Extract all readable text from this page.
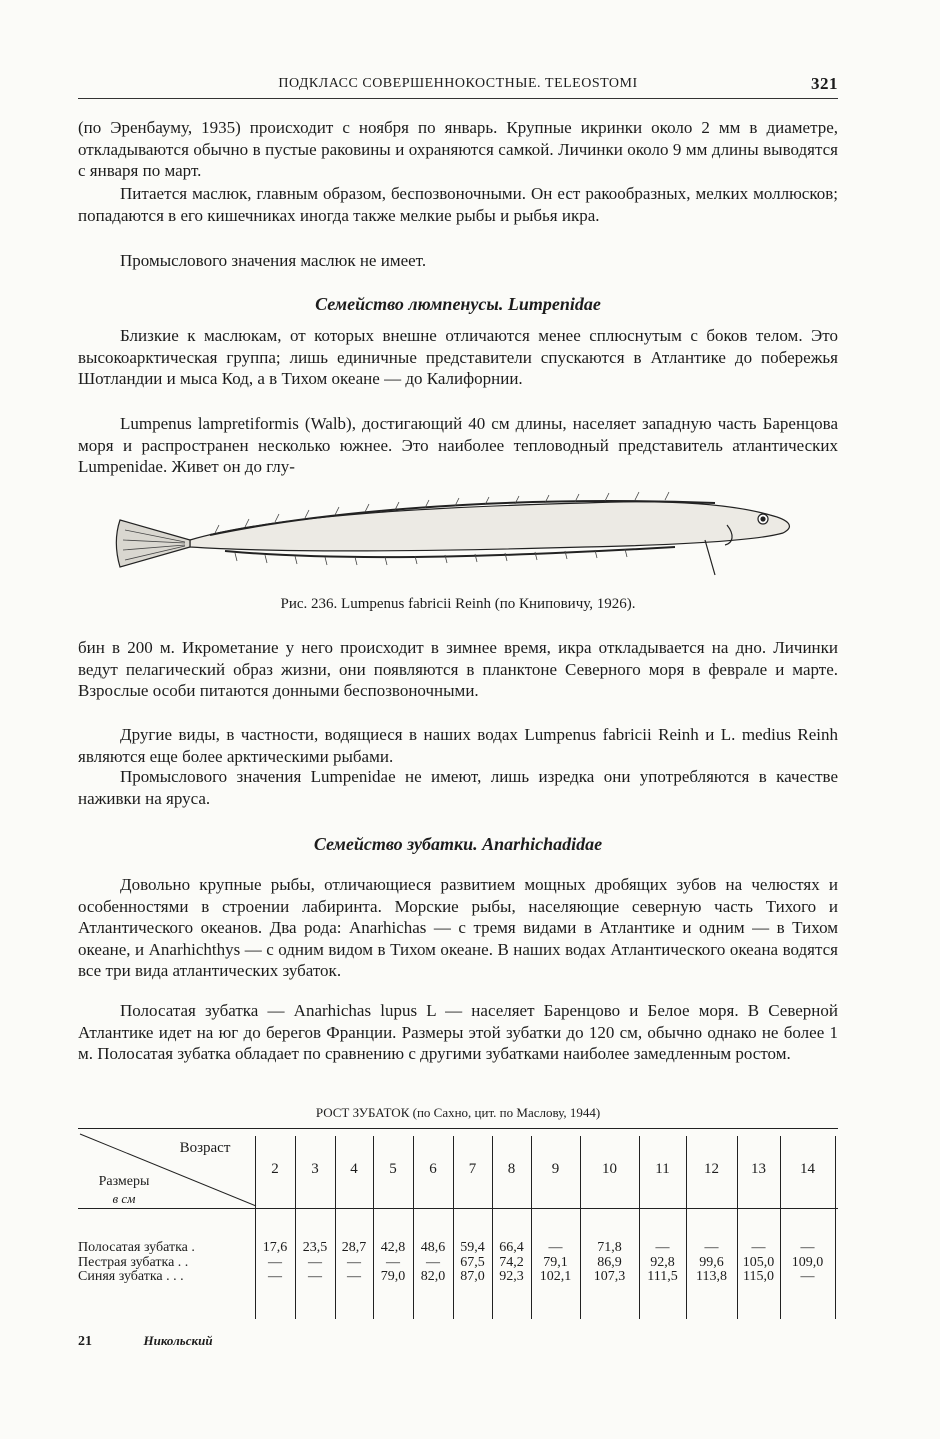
ПОДКЛАСС СОВЕРШЕННОКОСТНЫЕ. TELEOSTOMI	321

(по Эренбауму, 1935) происходит с ноября по январь. Крупные икринки около 2 мм в диаметре, откладываются обычно в пустые раковины и охраняются самкой. Личинки около 9 мм длины выводятся с января по март.

Питается маслюк, главным образом, беспозвоночными. Он ест ракообразных, мелких моллюсков; попадаются в его кишечниках иногда также мелкие рыбы и рыбья икра.

Промыслового значения маслюк не имеет.

Семейство люмпенусы. Lumpenidae

Близкие к маслюкам, от которых внешне отличаются менее сплюснутым с боков телом. Это высокоарктическая группа; лишь единичные представители спускаются в Атлантике до побережья Шотландии и мыса Код, а в Тихом океане — до Калифорнии.

Lumpenus lampretiformis (Walb), достигающий 40 см длины, населяет западную часть Баренцова моря и распространен несколько южнее. Это наиболее тепловодный представитель атлантических Lumpenidae. Живет он до глу-

Рис. 236. Lumpenus fabricii Reinh (по Книповичу, 1926).

бин в 200 м. Икрометание у него происходит в зимнее время, икра откладывается на дно. Личинки ведут пелагический образ жизни, они появляются в планктоне Северного моря в феврале и марте. Взрослые особи питаются донными беспозвоночными.

Другие виды, в частности, водящиеся в наших водах Lumpenus fabricii Reinh и L. medius Reinh являются еще более арктическими рыбами.

Промыслового значения Lumpenidae не имеют, лишь изредка они употребляются в качестве наживки на яруса.

Семейство зубатки. Anarhichadidae

Довольно крупные рыбы, отличающиеся развитием мощных дробящих зубов на челюстях и особенностями в строении лабиринта. Морские рыбы, населяющие северную часть Тихого и Атлантического океанов. Два рода: Anarhichas — с тремя видами в Атлантике и одним — в Тихом океане, и Anarhichthys — с одним видом в Тихом океане. В наших водах Атлантического океана водятся все три вида атлантических зубаток.

Полосатая зубатка — Anarhichas lupus L — населяет Баренцово и Белое моря. В Северной Атлантике идет на юг до берегов Франции. Размеры этой зубатки до 120 см, обычно однако не более 1 м. Полосатая зубатка обладает по сравнению с другими зубатками наиболее замедленным ростом.

РОСТ ЗУБАТОК (по Сахно, цит. по Маслову, 1944)
Возраст
Размеры
в см
2	3	4	5	6	7	8	9	10	11	12	13	14
Полосатая зубатка .	17,6	23,5	28,7	42,8	48,6	59,4	66,4	—	71,8	—	—	—	—
Пестрая зубатка . .	—	—	—	—	—	67,5	74,2	79,1	86,9	92,8	99,6	105,0	109,0
Синяя зубатка . . .	—	—	—	79,0	82,0	87,0	92,3	102,1	107,3	111,5	113,8	115,0	—
21	Никольский
